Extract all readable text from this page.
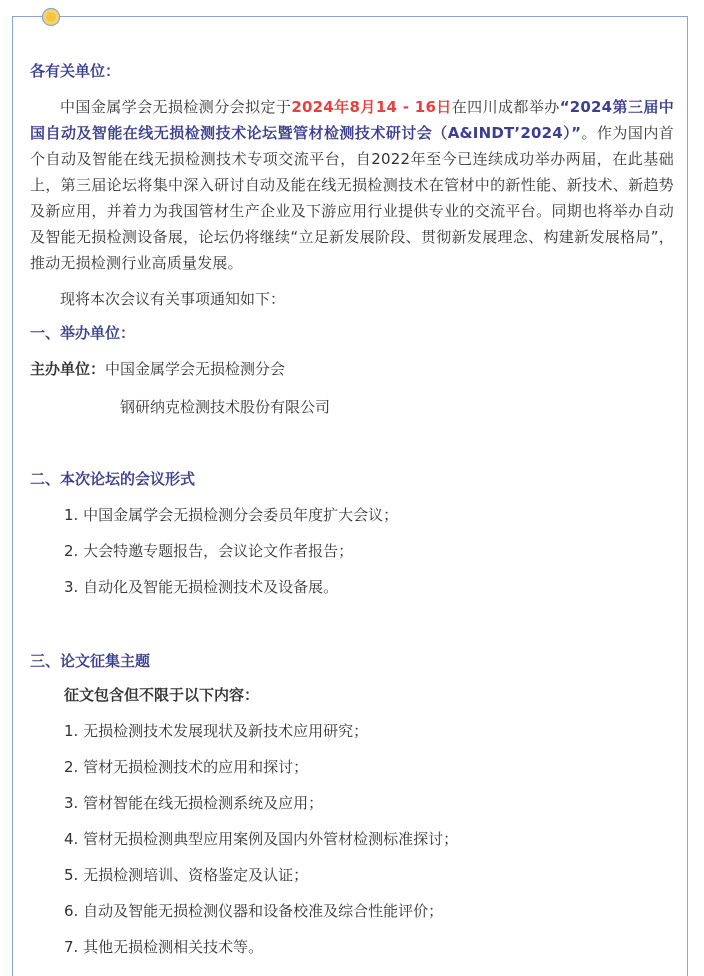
各有关单位：

中国金属学会无损检测分会拟定于2024年8月14 - 16日在四川成都举办“2024第三届中国自动及智能在线无损检测技术论坛暨管材检测技术研讨会（A&INDT’2024）”。作为国内首个自动及智能在线无损检测技术专项交流平台，自2022年至今已连续成功举办两届，在此基础上，第三届论坛将集中深入研讨自动及能在线无损检测技术在管材中的新性能、新技术、新趋势及新应用，并着力为我国管材生产企业及下游应用行业提供专业的交流平台。同期也将举办自动及智能无损检测设备展，论坛仍将继续“立足新发展阶段、贯彻新发展理念、构建新发展格局”，推动无损检测行业高质量发展。

现将本次会议有关事项通知如下：

一、举办单位：

主办单位：中国金属学会无损检测分会

钢研纳克检测技术股份有限公司

二、本次论坛的会议形式

1. 中国金属学会无损检测分会委员年度扩大会议；
2. 大会特邀专题报告，会议论文作者报告；
3. 自动化及智能无损检测技术及设备展。

三、论文征集主题

征文包含但不限于以下内容：

1. 无损检测技术发展现状及新技术应用研究；
2. 管材无损检测技术的应用和探讨；
3. 管材智能在线无损检测系统及应用；
4. 管材无损检测典型应用案例及国内外管材检测标准探讨；
5. 无损检测培训、资格鉴定及认证；
6. 自动及智能无损检测仪器和设备校准及综合性能评价；
7. 其他无损检测相关技术等。
